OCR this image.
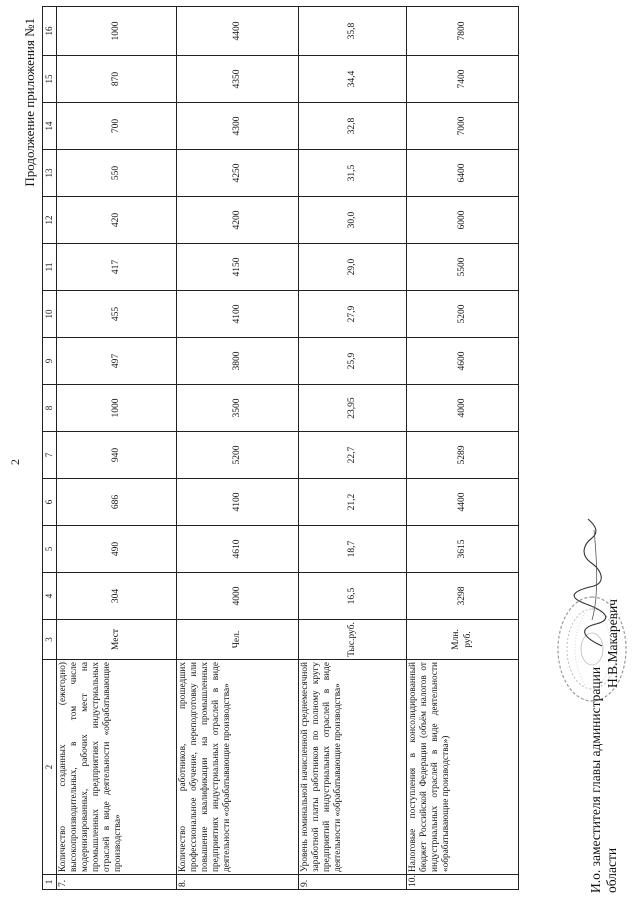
2
Продолжение приложения №1
1	2	3	4	5	6	7	8	9	10	11	12	13	14	15	16
7.	Количество созданных (ежегодно) высокопроизводительных, в том числе модернизированных, рабочих мест на промышленных предприятиях индустриальных отраслей в виде деятельности «обрабатывающие производства»	Мест	304	490	686	940	1000	497	455	417	420	550	700	870	1000
8.	Количество работников, прошедших профессиональное обучение, переподготовку или повышение квалификации на промышленных предприятиях индустриальных отраслей в виде деятельности «обрабатывающие производства»	Чел.	4000	4610	4100	5200	3500	3800	4100	4150	4200	4250	4300	4350	4400
9.	Уровень номинальной начисленной среднемесячной заработной платы работников по полному кругу предприятий индустриальных отраслей в виде деятельности «обрабатывающие производства»	Тыс.руб.	16,5	18,7	21,2	22,7	23,95	25,9	27,9	29,0	30,0	31,5	32,8	34,4	35,8
10.	Налоговые поступления в консолидированный бюджет Российской Федерации (объём налогов от индустриальных отраслей в виде деятельности «обрабатывающие производства»)	Млн. руб.	3298	3615	4400	5289	4000	4600	5200	5500	6000	6400	7000	7400	7800
И.о. заместителя главы администрации области
Н.В.Макаревич
